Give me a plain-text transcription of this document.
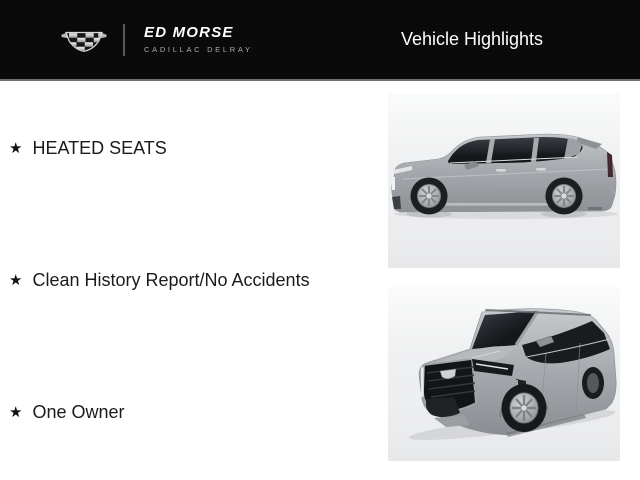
ED MORSE
CADILLAC DELRAY
Vehicle Highlights
★ HEATED SEATS
★ Clean History Report/No Accidents
★ One Owner
